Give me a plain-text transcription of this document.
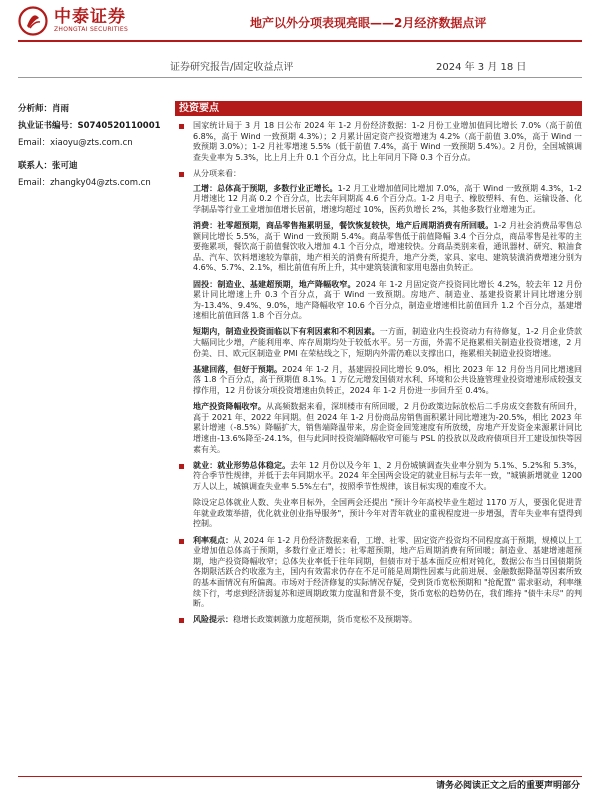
中泰证券
ZHONGTAI SECURITIES	地产以外分项表现亮眼——2月经济数据点评
证券研究报告/固定收益点评	2024 年 3 月 18 日
分析师：肖雨
执业证书编号：S0740520110001
Email：xiaoyu@zts.com.cn
联系人：张可迪
Email：zhangky04@zts.com.cn
投资要点
国家统计局于 3 月 18 日公布 2024 年 1-2 月份经济数据：1-2 月份工业增加值同比增长 7.0%（高于前值 6.8%，高于 Wind 一致预期 4.3%）；2 月累计固定资产投资增速为 4.2%（高于前值 3.0%，高于 Wind 一致预期 3.0%）；1-2 月社零增速 5.5%（低于前值 7.4%，高于 Wind 一致预期 5.4%）。2 月份，全国城镇调查失业率为 5.3%，比上月上升 0.1 个百分点，比上年同月下降 0.3 个百分点。
从分项来看：
工增：总体高于预期，多数行业正增长。1-2 月工业增加值同比增加 7.0%，高于 Wind 一致预期 4.3%，1-2 月增速比 12 月高 0.2 个百分点，比去年同期高 4.6 个百分点。1-2 月电子、橡胶塑料、有色、运输设备、化学制品等行业工业增加值增长居前，增速均超过 10%，医药负增长 2%，其他多数行业增速为正。
消费：社零超预期，商品零售拖累明显，餐饮恢复较快，地产后周期消费有所回暖。1-2 月社会消费品零售总额同比增长 5.5%，高于 Wind 一致预期 5.4%。商品零售低于前值降幅 3.4 个百分点，商品零售是社零的主要拖累项，餐饮高于前值餐饮收入增加 4.1 个百分点，增速较快。分商品类别来看，通讯器材、研究、粮油食品、汽车、饮料增速较为靠前，地产相关的消费有所提升，地产分类，家具、家电、建筑装潢消费增速分别为 4.6%、5.7%、2.1%，相比前值有所上升，其中建筑装潢和家用电器由负转正。
固投：制造业、基建超预期，地产降幅收窄。2024 年 1-2 月固定资产投资同比增长 4.2%，较去年 12 月份累计同比增速上升 0.3 个百分点，高于 Wind 一致预期。房地产、制造业、基建投资累计同比增速分别为-13.4%、9.4%、9.0%，地产降幅收窄 10.6 个百分点，制造业增速相比前值回升 1.2 个百分点，基建增速相比前值回落 1.8 个百分点。
短期内，制造业投资面临以下有利因素和不利因素。一方面，制造业内生投资动力有待修复，1-2 月企业贷款大幅同比少增，产能利用率、库存周期均处于较低水平。另一方面，外需不足拖累相关制造业投资增速，2 月份美、日、欧元区制造业 PMI 在荣枯线之下，短期内外需仍难以支撑出口，拖累相关制造业投资增速。
基建回落，但好于预期。2024 年 1-2 月，基建固投同比增长 9.0%，相比 2023 年 12 月份当月同比增速回落 1.8 个百分点，高于预期值 8.1%。1 万亿元增发国债对水利、环境和公共设施管理业投资增速形成较强支撑作用，12 月份该分项投资增速由负转正，2024 年 1-2 月份进一步回升至 0.4%。
地产投资降幅收窄。从高频数据来看，深圳楼市有所回暖，2 月份政策边际放松后二手房成交套数有所回升，高于 2021 年、2022 年同期。但 2024 年 1-2 月份商品房销售面积累计同比增速为-20.5%，相比 2023 年累计增速（-8.5%）降幅扩大，销售端降温带来，房企资金回笼速度有所放缓，房地产开发资金来源累计同比增速由-13.6%降至-24.1%，但与此同时投资端降幅收窄可能与 PSL 的投放以及政府债项目开工建设加快等因素有关。
就业：就业形势总体稳定。去年 12 月份以及今年 1、2 月份城镇调查失业率分别为 5.1%、5.2%和 5.3%，符合季节性规律，并低于去年同期水平。2024 年全国两会设定的就业目标与去年一致，"城镇新增就业 1200 万人以上，城镇调查失业率 5.5%左右"，按照季节性规律，该目标实现的难度不大。
除设定总体就业人数、失业率目标外，全国两会还提出 "预计今年高校毕业生超过 1170 万人，要强化促进青年就业政策举措，优化就业创业指导服务"，预计今年对青年就业的重视程度进一步增强，青年失业率有望得到控制。
利率观点：从 2024 年 1-2 月份经济数据来看，工增、社零、固定资产投资均不同程度高于预期，规模以上工业增加值总体高于预期，多数行业正增长；社零超预期，地产后周期消费有所回暖；制造业、基建增速超预期，地产投资降幅收窄；总体失业率低于往年同期，但债市对于基本面反应相对钝化，数据公布当日国债期货各期限活跃合约收涨为主，国内有效需求仍存在不足可能是周期性因素与此前进展、金融数据降温等因素所致的基本面情况有所偏离。市场对于经济修复的实际情况存疑，受到货币宽松预期和 "抢配置" 需求驱动，利率继续下行，考虑到经济弱复苏和逆周期政策力度温和背景不变，货币宽松的趋势仍在，我们维持 "债牛未尽" 的判断。
风险提示：稳增长政策刺激力度超预期，货币宽松不及预期等。
请务必阅读正文之后的重要声明部分
